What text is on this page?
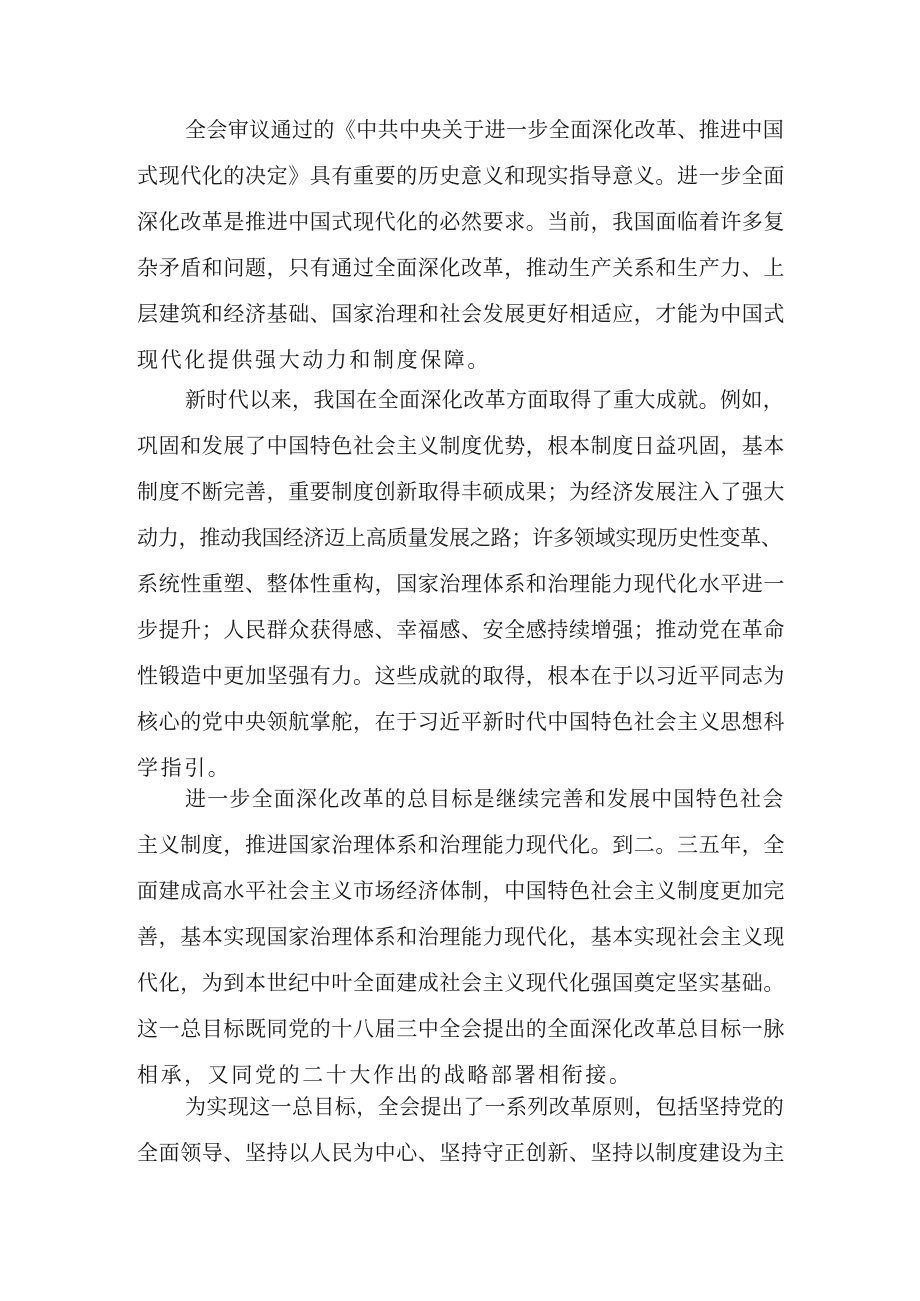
全会审议通过的《中共中央关于进一步全面深化改革、推进中国
式现代化的决定》具有重要的历史意义和现实指导意义。进一步全面
深化改革是推进中国式现代化的必然要求。当前，我国面临着许多复
杂矛盾和问题，只有通过全面深化改革，推动生产关系和生产力、上
层建筑和经济基础、国家治理和社会发展更好相适应，才能为中国式
现代化提供强大动力和制度保障。
新时代以来，我国在全面深化改革方面取得了重大成就。例如，
巩固和发展了中国特色社会主义制度优势，根本制度日益巩固，基本
制度不断完善，重要制度创新取得丰硕成果；为经济发展注入了强大
动力，推动我国经济迈上高质量发展之路；许多领域实现历史性变革、
系统性重塑、整体性重构，国家治理体系和治理能力现代化水平进一
步提升；人民群众获得感、幸福感、安全感持续增强；推动党在革命
性锻造中更加坚强有力。这些成就的取得，根本在于以习近平同志为
核心的党中央领航掌舵，在于习近平新时代中国特色社会主义思想科
学指引。
进一步全面深化改革的总目标是继续完善和发展中国特色社会
主义制度，推进国家治理体系和治理能力现代化。到二。三五年，全
面建成高水平社会主义市场经济体制，中国特色社会主义制度更加完
善，基本实现国家治理体系和治理能力现代化，基本实现社会主义现
代化，为到本世纪中叶全面建成社会主义现代化强国奠定坚实基础。
这一总目标既同党的十八届三中全会提出的全面深化改革总目标一脉
相承，又同党的二十大作出的战略部署相衔接。
为实现这一总目标，全会提出了一系列改革原则，包括坚持党的
全面领导、坚持以人民为中心、坚持守正创新、坚持以制度建设为主
